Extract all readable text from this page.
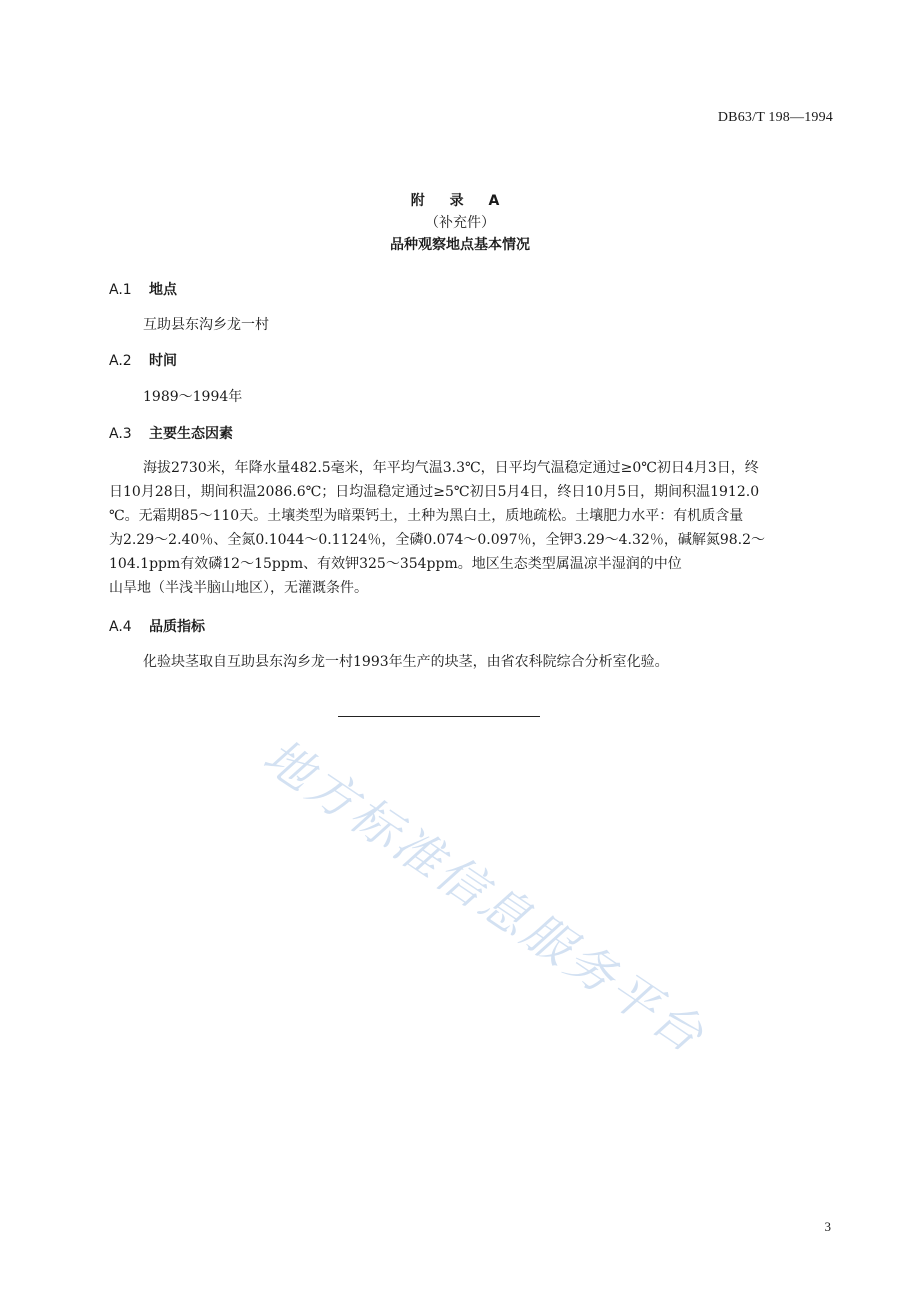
DB63/T 198—1994
附 录 A
（补充件）
品种观察地点基本情况
A.1 地点
互助县东沟乡龙一村
A.2 时间
1989～1994年
A.3 主要生态因素
海拔2730米，年降水量482.5毫米，年平均气温3.3℃，日平均气温稳定通过≥0℃初日4月3日，终
日10月28日，期间积温2086.6℃；日均温稳定通过≥5℃初日5月4日，终日10月5日，期间积温1912.0
℃。无霜期85～110天。土壤类型为暗栗钙土，土种为黑白土，质地疏松。土壤肥力水平：有机质含量
为2.29～2.40％、全氮0.1044～0.1124％，全磷0.074～0.097％，全钾3.29～4.32％，碱解氮98.2～
104.1ppm有效磷12～15ppm、有效钾325～354ppm。地区生态类型属温凉半湿润的中位
山旱地（半浅半脑山地区），无灌溉条件。
A.4 品质指标
化验块茎取自互助县东沟乡龙一村1993年生产的块茎，由省农科院综合分析室化验。
地方标准信息服务平台
3
